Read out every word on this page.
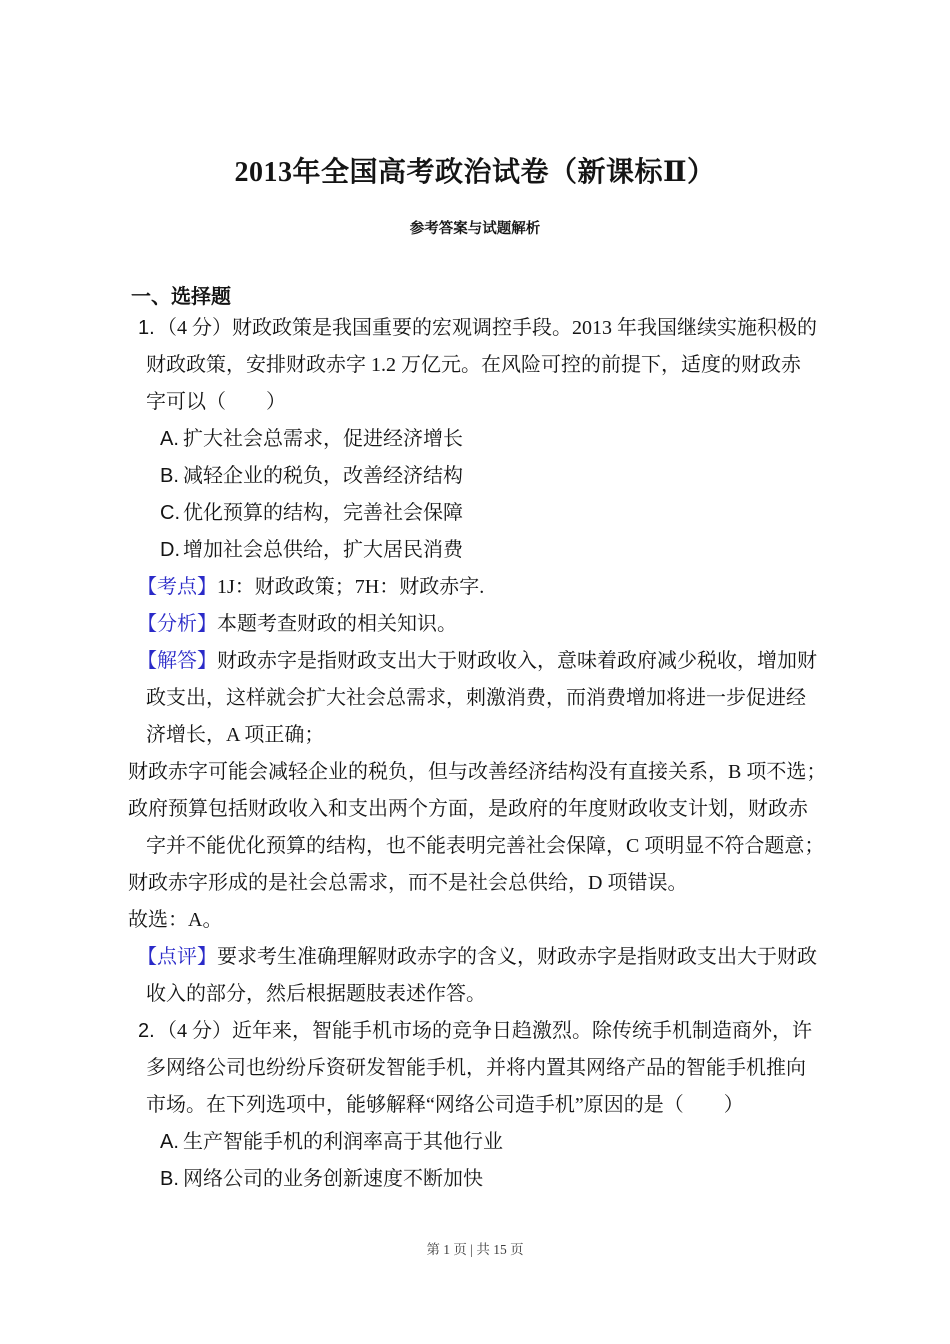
2013年全国高考政治试卷（新课标Ⅱ）
参考答案与试题解析
一、选择题
1. （4 分）财政政策是我国重要的宏观调控手段。2013 年我国继续实施积极的
财政政策，安排财政赤字 1.2 万亿元。在风险可控的前提下，适度的财政赤
字可以（　　）
A. 扩大社会总需求，促进经济增长
B. 减轻企业的税负，改善经济结构
C. 优化预算的结构，完善社会保障
D. 增加社会总供给，扩大居民消费
【考点】1J：财政政策；7H：财政赤字.
【分析】本题考查财政的相关知识。
【解答】财政赤字是指财政支出大于财政收入，意味着政府减少税收，增加财
政支出，这样就会扩大社会总需求，刺激消费，而消费增加将进一步促进经
济增长，A 项正确；
财政赤字可能会减轻企业的税负，但与改善经济结构没有直接关系，B 项不选；
政府预算包括财政收入和支出两个方面，是政府的年度财政收支计划，财政赤
字并不能优化预算的结构，也不能表明完善社会保障，C 项明显不符合题意；
财政赤字形成的是社会总需求，而不是社会总供给，D 项错误。
故选：A。
【点评】要求考生准确理解财政赤字的含义，财政赤字是指财政支出大于财政
收入的部分，然后根据题肢表述作答。
2. （4 分）近年来，智能手机市场的竞争日趋激烈。除传统手机制造商外，许
多网络公司也纷纷斥资研发智能手机，并将内置其网络产品的智能手机推向
市场。在下列选项中，能够解释“网络公司造手机”原因的是（　　）
A. 生产智能手机的利润率高于其他行业
B. 网络公司的业务创新速度不断加快
第 1 页 | 共 15 页
